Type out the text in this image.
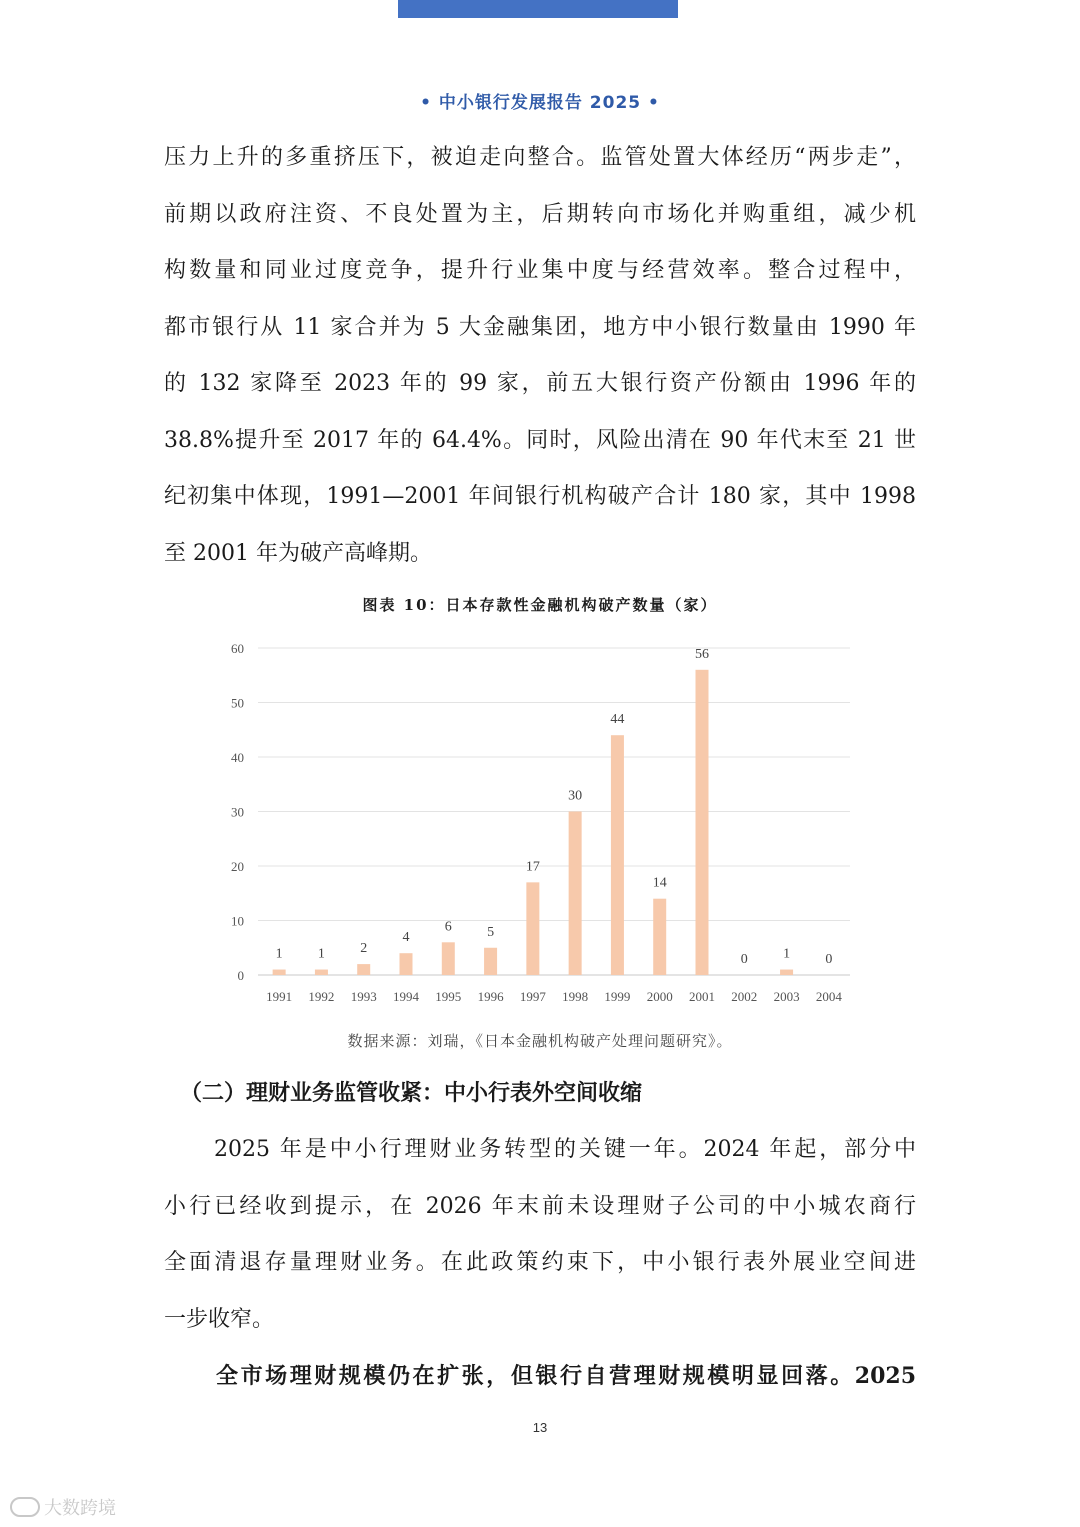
• 中小银行发展报告 2025 •
压力上升的多重挤压下，被迫走向整合。监管处置大体经历“两步走”，
前期以政府注资、不良处置为主，后期转向市场化并购重组，减少机
构数量和同业过度竞争，提升行业集中度与经营效率。整合过程中，
都市银行从 11 家合并为 5 大金融集团，地方中小银行数量由 1990 年
的 132 家降至 2023 年的 99 家，前五大银行资产份额由 1996 年的
38.8%提升至 2017 年的 64.4%。同时，风险出清在 90 年代末至 21 世
纪初集中体现，1991—2001 年间银行机构破产合计 180 家，其中 1998
至 2001 年为破产高峰期。
图表 10：日本存款性金融机构破产数量（家）
0
10
20
30
40
50
60
1
1991
1
1992
2
1993
4
1994
6
1995
5
1996
17
1997
30
1998
44
1999
14
2000
56
2001
0
2002
1
2003
0
2004
数据来源：刘瑞，《日本金融机构破产处理问题研究》。
（二）理财业务监管收紧：中小行表外空间收缩
2025 年是中小行理财业务转型的关键一年。2024 年起，部分中
小行已经收到提示，在 2026 年末前未设理财子公司的中小城农商行
全面清退存量理财业务。在此政策约束下，中小银行表外展业空间进
一步收窄。
全市场理财规模仍在扩张，但银行自营理财规模明显回落。2025
13
大数跨境
